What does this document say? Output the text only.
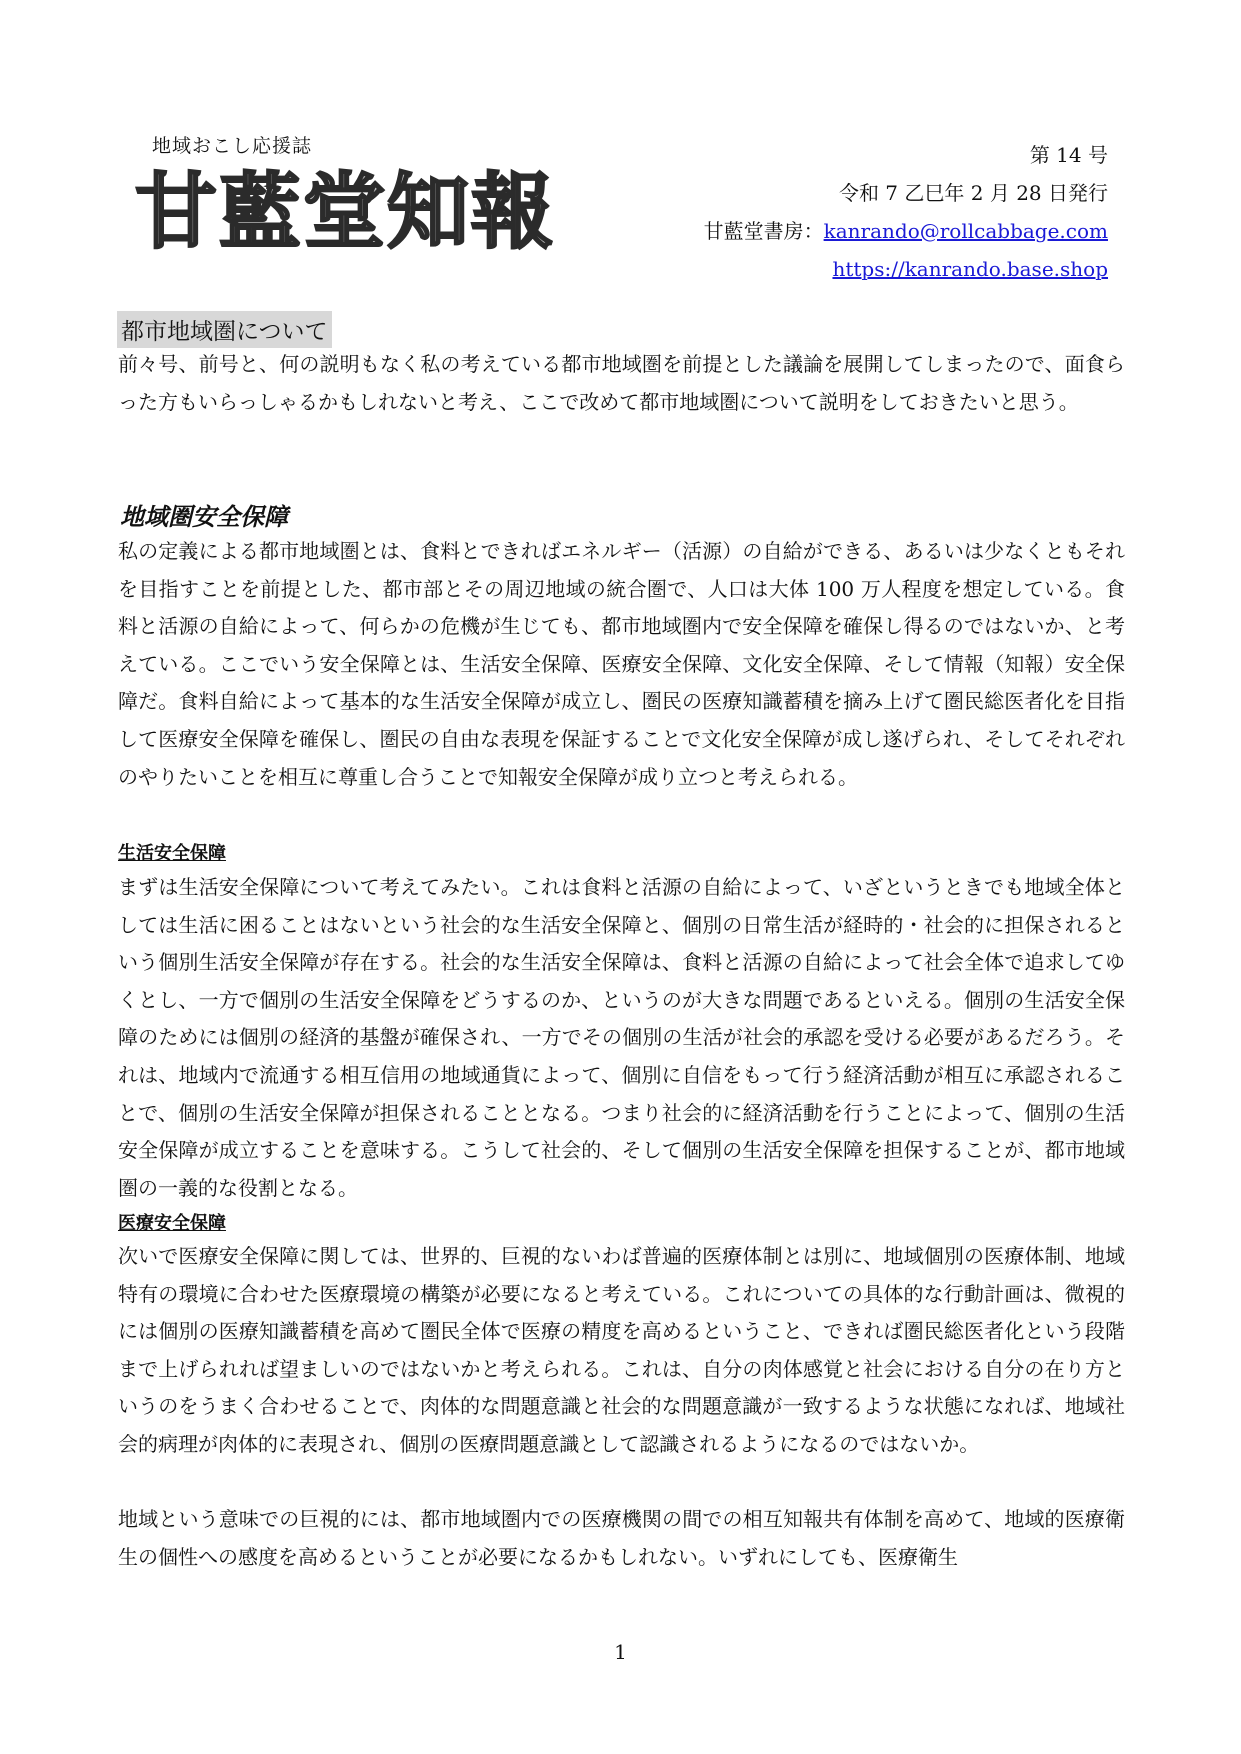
地域おこし応援誌
甘藍堂知報
第 14 号
令和 7 乙巳年 2 月 28 日発行
甘藍堂書房：kanrando@rollcabbage.com
https://kanrando.base.shop
都市地域圏について
前々号、前号と、何の説明もなく私の考えている都市地域圏を前提とした議論を展開してしまったので、面食らった方もいらっしゃるかもしれないと考え、ここで改めて都市地域圏について説明をしておきたいと思う。
地域圏安全保障
私の定義による都市地域圏とは、食料とできればエネルギー（活源）の自給ができる、あるいは少なくともそれを目指すことを前提とした、都市部とその周辺地域の統合圏で、人口は大体 100 万人程度を想定している。食料と活源の自給によって、何らかの危機が生じても、都市地域圏内で安全保障を確保し得るのではないか、と考えている。ここでいう安全保障とは、生活安全保障、医療安全保障、文化安全保障、そして情報（知報）安全保障だ。食料自給によって基本的な生活安全保障が成立し、圏民の医療知識蓄積を摘み上げて圏民総医者化を目指して医療安全保障を確保し、圏民の自由な表現を保証することで文化安全保障が成し遂げられ、そしてそれぞれのやりたいことを相互に尊重し合うことで知報安全保障が成り立つと考えられる。
生活安全保障
まずは生活安全保障について考えてみたい。これは食料と活源の自給によって、いざというときでも地域全体としては生活に困ることはないという社会的な生活安全保障と、個別の日常生活が経時的・社会的に担保されるという個別生活安全保障が存在する。社会的な生活安全保障は、食料と活源の自給によって社会全体で追求してゆくとし、一方で個別の生活安全保障をどうするのか、というのが大きな問題であるといえる。個別の生活安全保障のためには個別の経済的基盤が確保され、一方でその個別の生活が社会的承認を受ける必要があるだろう。それは、地域内で流通する相互信用の地域通貨によって、個別に自信をもって行う経済活動が相互に承認されることで、個別の生活安全保障が担保されることとなる。つまり社会的に経済活動を行うことによって、個別の生活安全保障が成立することを意味する。こうして社会的、そして個別の生活安全保障を担保することが、都市地域圏の一義的な役割となる。
医療安全保障
次いで医療安全保障に関しては、世界的、巨視的ないわば普遍的医療体制とは別に、地域個別の医療体制、地域特有の環境に合わせた医療環境の構築が必要になると考えている。これについての具体的な行動計画は、微視的には個別の医療知識蓄積を高めて圏民全体で医療の精度を高めるということ、できれば圏民総医者化という段階まで上げられれば望ましいのではないかと考えられる。これは、自分の肉体感覚と社会における自分の在り方というのをうまく合わせることで、肉体的な問題意識と社会的な問題意識が一致するような状態になれば、地域社会的病理が肉体的に表現され、個別の医療問題意識として認識されるようになるのではないか。
地域という意味での巨視的には、都市地域圏内での医療機関の間での相互知報共有体制を高めて、地域的医療衛生の個性への感度を高めるということが必要になるかもしれない。いずれにしても、医療衛生
1
